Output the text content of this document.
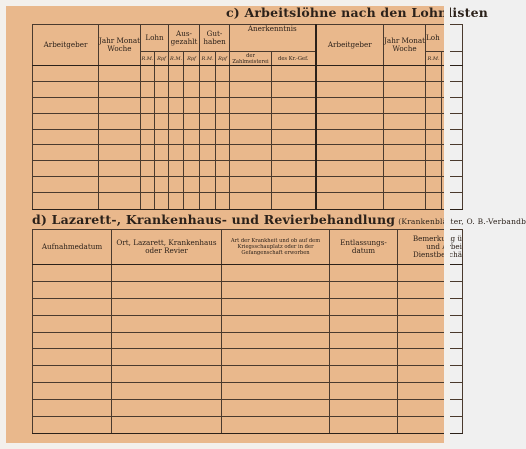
c) Arbeitslöhne nach den Lohnlisten
Arbeitgeber	Jahr Monat Woche	Lohn		Aus-gezahlt		Gut-haben		Anerkenntnis		Arbeitgeber	Jahr Monat Woche	Loh	
		R.M.	Rpf	R.M.	Rpf	R.M.	Rpf	der Zahlmeisterei	des Kr.-Gef.			R.M.	

d) Lazarett-, Krankenhaus- und Revierbehandlung (Krankenblätter, O. B.-Verbandb
Aufnahmedatum	Ort, Lazarett, Krankenhaus oder Revier	Art der Krankheit und ob auf dem Kriegsschauplatz oder in der Gefangenschaft erworben	Entlassungs-datum	Bemerkung ü und Arbei Dienstbeschä
